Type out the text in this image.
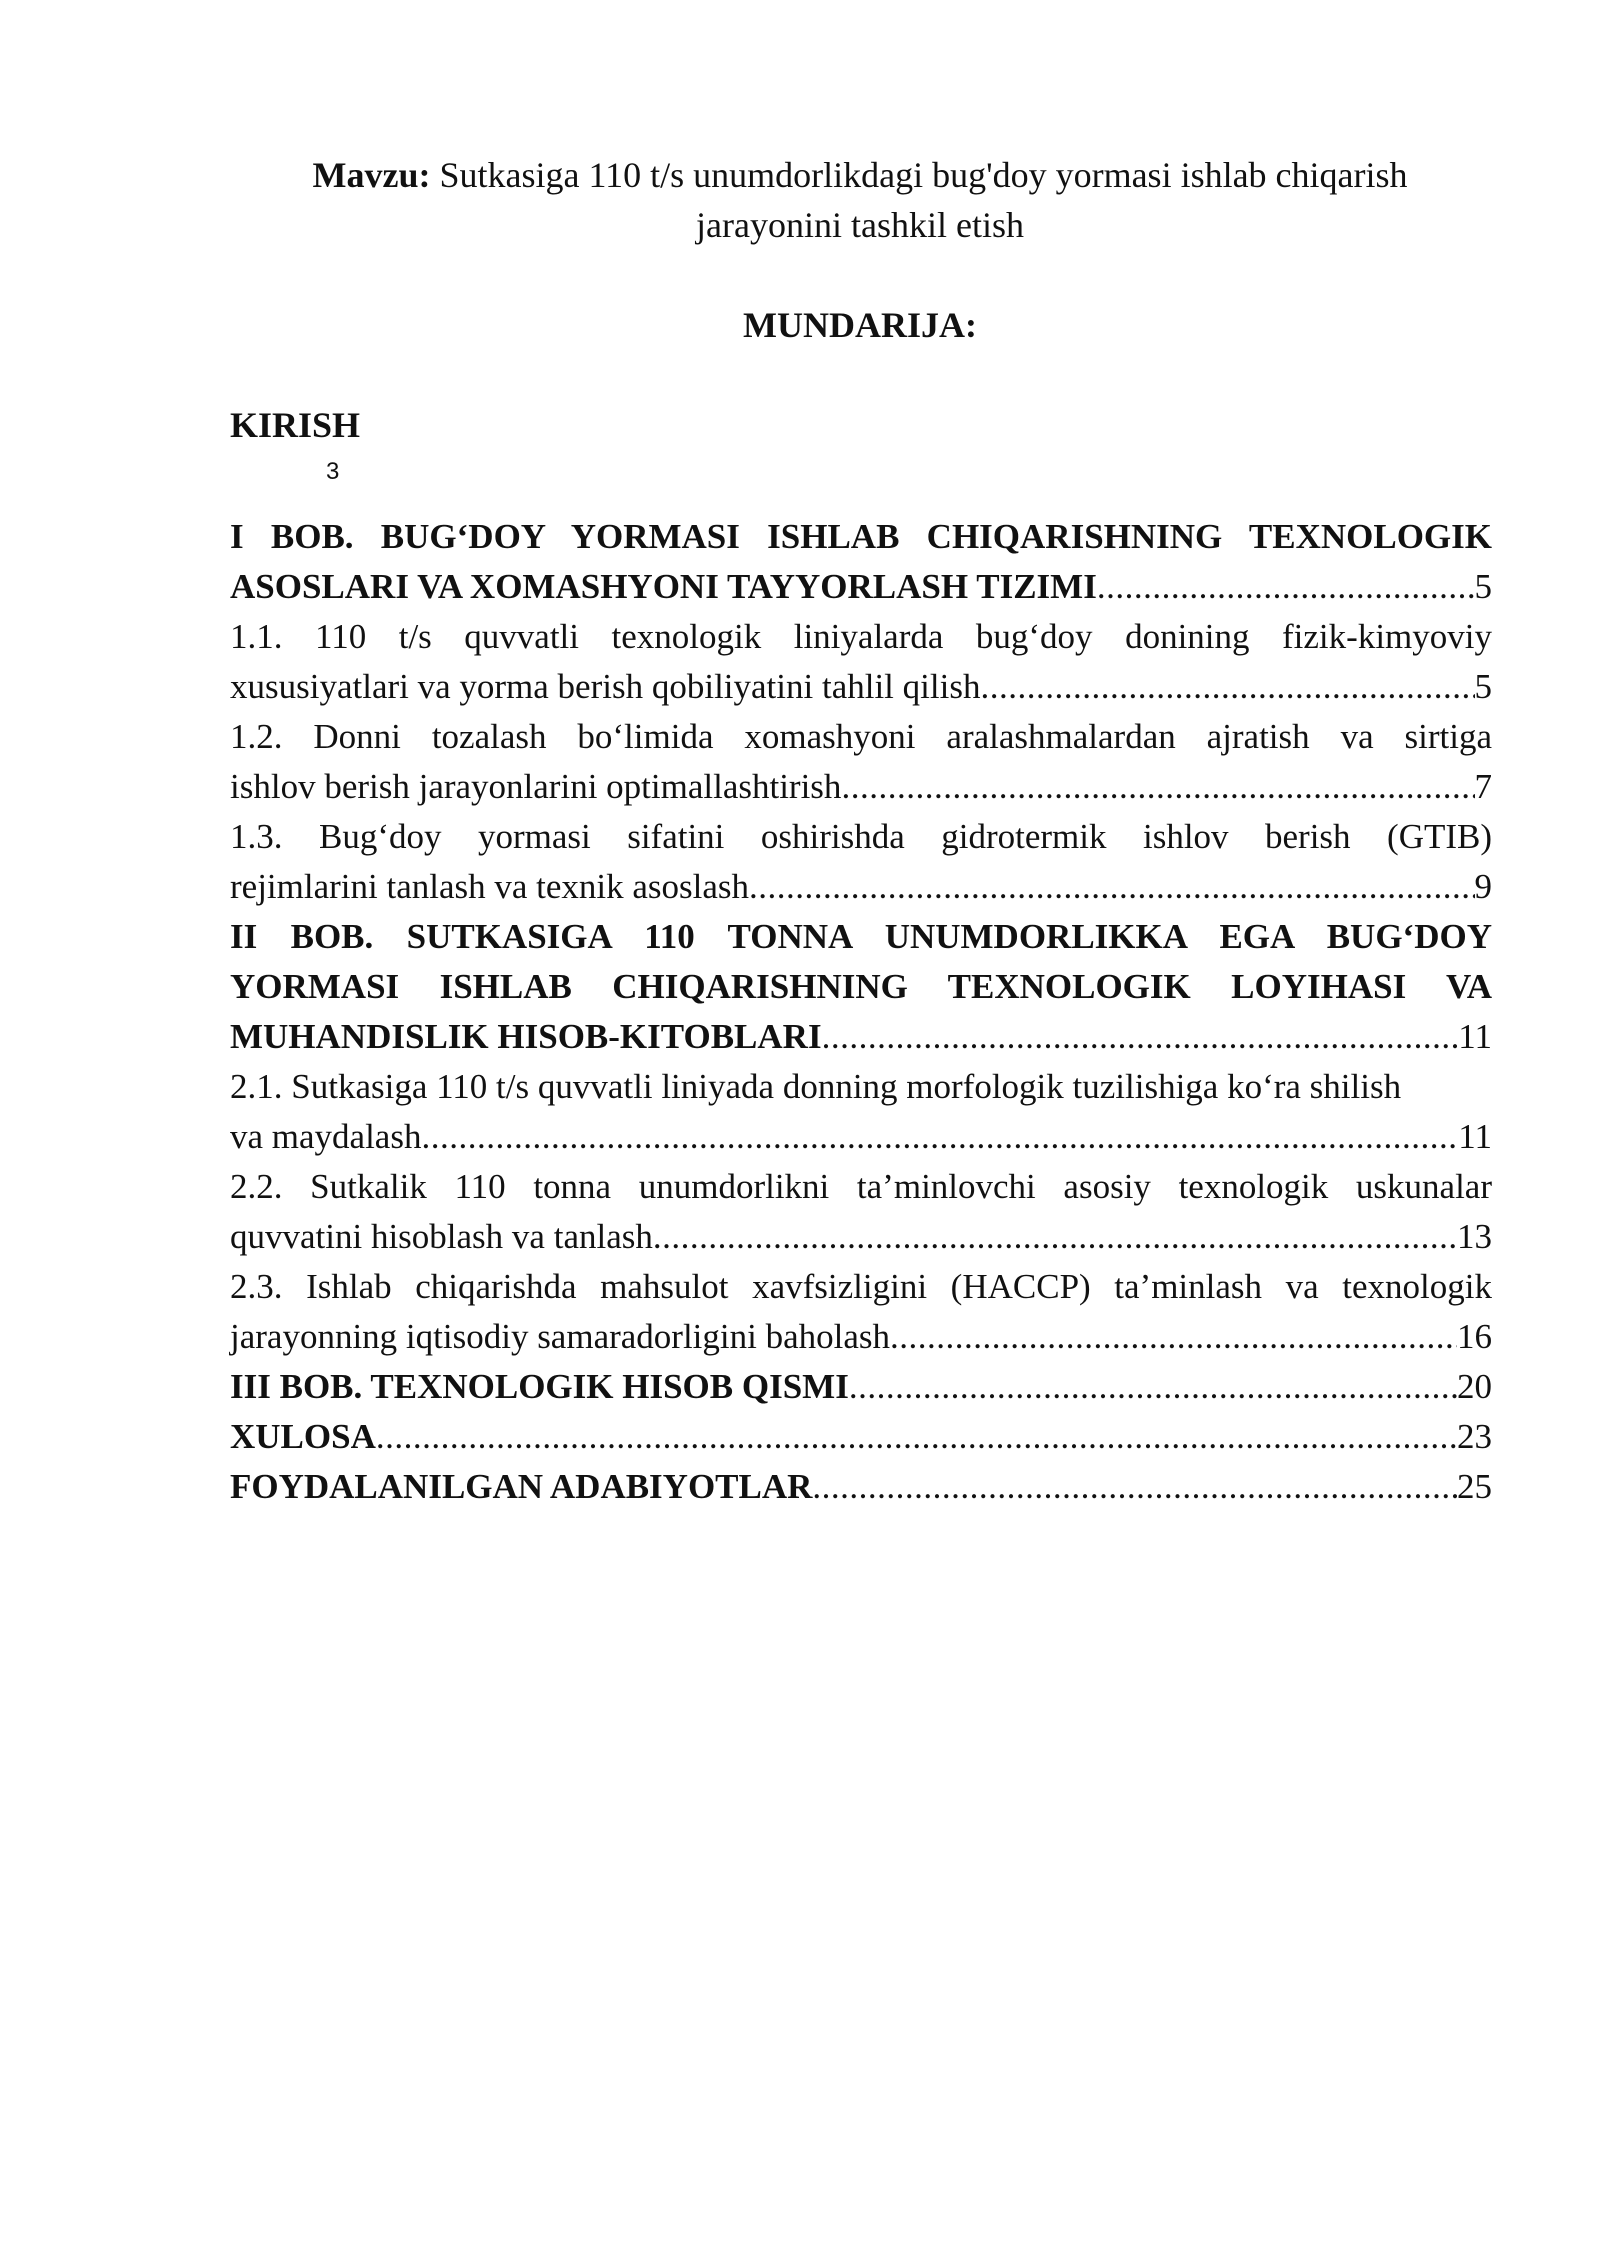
Mavzu: Sutkasiga 110 t/s unumdorlikdagi bug'doy yormasi ishlab chiqarish
jarayonini tashkil etish
MUNDARIJA:
KIRISH
3
I BOB. BUG‘DOY YORMASI ISHLAB CHIQARISHNING TEXNOLOGIK
ASOSLARI VA XOMASHYONI TAYYORLASH TIZIMI .....	5
1.1. 110 t/s quvvatli texnologik liniyalarda bug‘doy donining fizik-kimyoviy
xususiyatlari va yorma berish qobiliyatini tahlil qilish .....	5
1.2. Donni tozalash bo‘limida xomashyoni aralashmalardan ajratish va sirtiga
ishlov berish jarayonlarini optimallashtirish .....	7
1.3. Bug‘doy yormasi sifatini oshirishda gidrotermik ishlov berish (GTIB)
rejimlarini tanlash va texnik asoslash .....	9
II BOB. SUTKASIGA 110 TONNA UNUMDORLIKKA EGA BUG‘DOY YORMASI ISHLAB CHIQARISHNING TEXNOLOGIK LOYIHASI VA
MUHANDISLIK HISOB-KITOBLARI .....	11
2.1. Sutkasiga 110 t/s quvvatli liniyada donning morfologik tuzilishiga ko‘ra shilish
va maydalash .....	11
2.2. Sutkalik 110 tonna unumdorlikni ta’minlovchi asosiy texnologik uskunalar
quvvatini hisoblash va tanlash .....	13
2.3. Ishlab chiqarishda mahsulot xavfsizligini (HACCP) ta’minlash va texnologik
jarayonning iqtisodiy samaradorligini baholash .....	16
III BOB. TEXNOLOGIK HISOB QISMI .....	20
XULOSA .....	23
FOYDALANILGAN ADABIYOTLAR .....	25
